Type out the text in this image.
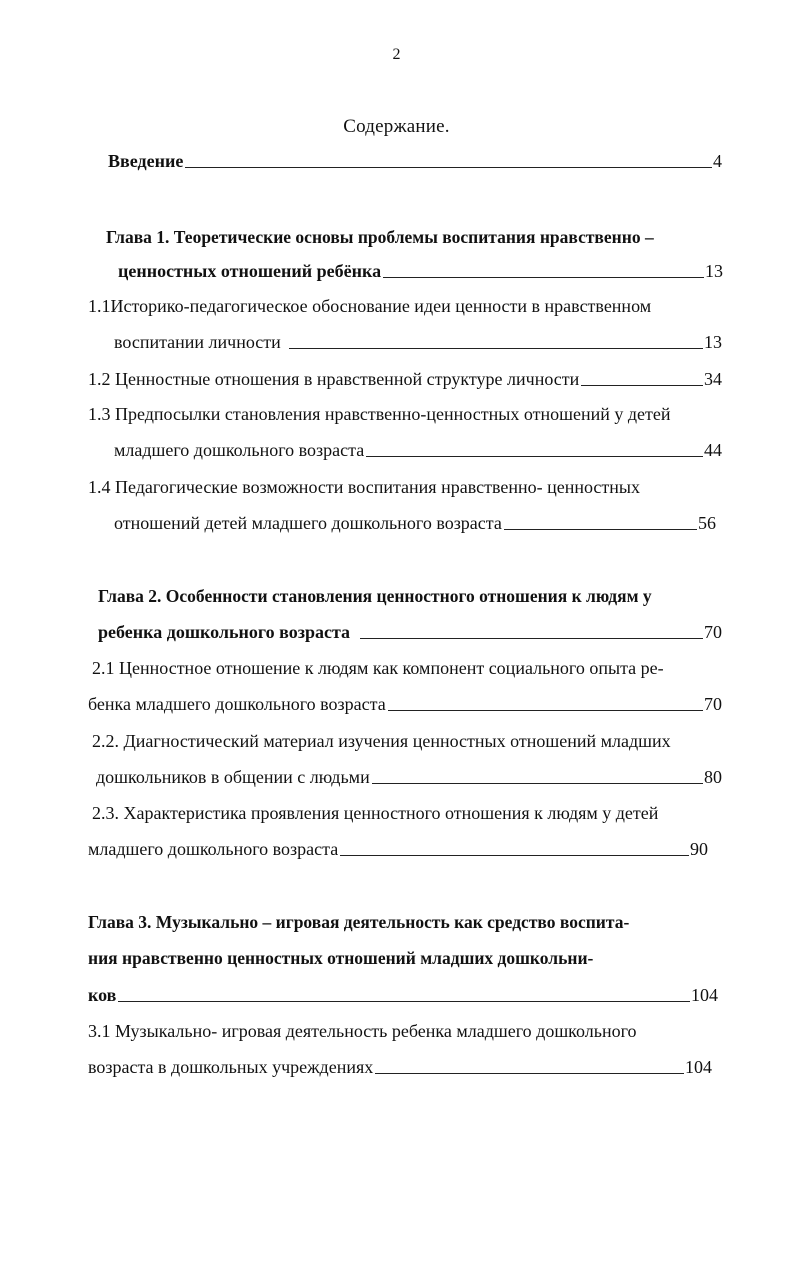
2
Содержание.
Введение	4
Глава 1. Теоретические основы проблемы воспитания нравственно –
ценностных отношений ребёнка	13
1.1Историко-педагогическое обоснование идеи ценности в нравственном
воспитании личности	13
1.2 Ценностные отношения в нравственной структуре личности	34
1.3 Предпосылки становления нравственно-ценностных отношений у детей
младшего дошкольного возраста	44
1.4 Педагогические возможности воспитания нравственно- ценностных
отношений детей младшего дошкольного возраста	56
Глава 2. Особенности становления ценностного отношения к людям у
ребенка дошкольного возраста	70
2.1 Ценностное отношение к людям как компонент социального опыта ре-
бенка младшего дошкольного возраста	70
2.2. Диагностический материал изучения ценностных отношений младших
дошкольников в общении с людьми	80
2.3. Характеристика проявления ценностного отношения к людям у детей
младшего дошкольного возраста	90
Глава 3. Музыкально – игровая деятельность как средство воспита-
ния нравственно ценностных отношений младших дошкольни-
ков	104
3.1 Музыкально- игровая деятельность ребенка младшего дошкольного
возраста в дошкольных учреждениях	104
